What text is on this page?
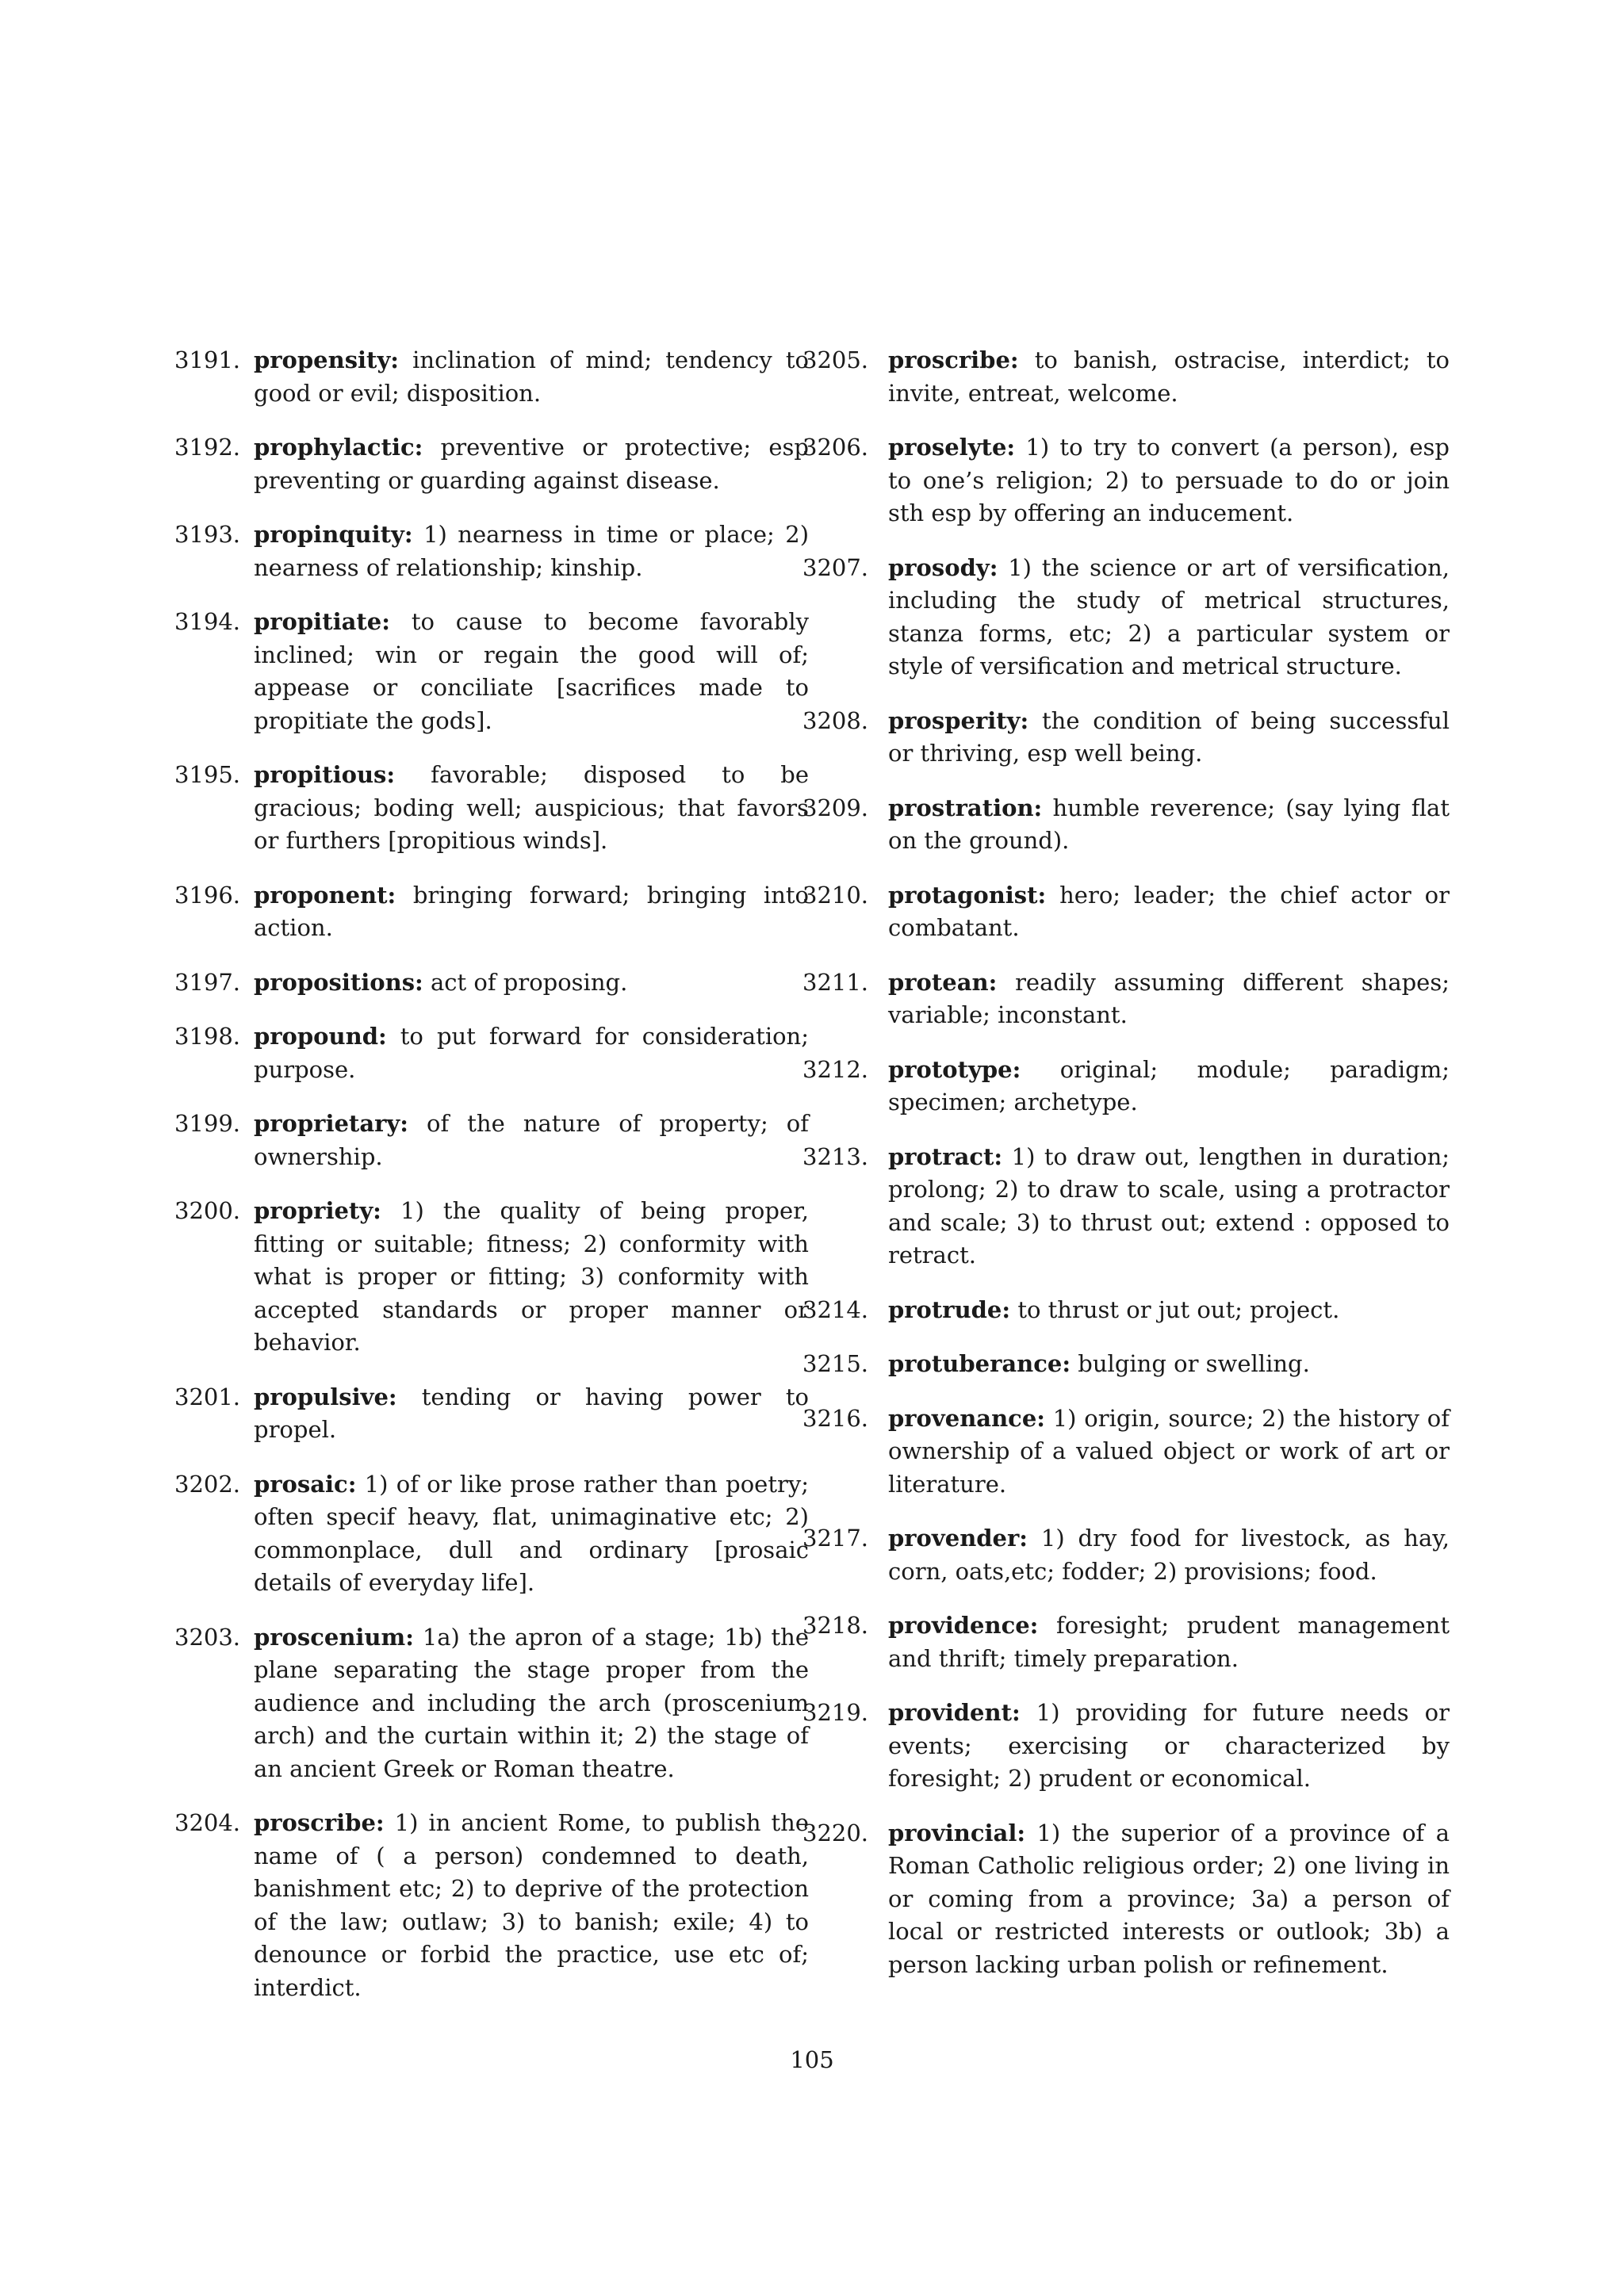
3191. propensity: inclination of mind; tendency to good or evil; disposition.
3192. prophylactic: preventive or protective; esp preventing or guarding against disease.
3193. propinquity: 1) nearness in time or place; 2) nearness of relationship; kinship.
3194. propitiate: to cause to become favorably inclined; win or regain the good will of; appease or conciliate [sacrifices made to propitiate the gods].
3195. propitious: favorable; disposed to be gracious; boding well; auspicious; that favors or furthers [propitious winds].
3196. proponent: bringing forward; bringing into action.
3197. propositions: act of proposing.
3198. propound: to put forward for consideration; purpose.
3199. proprietary: of the nature of property; of ownership.
3200. propriety: 1) the quality of being proper, fitting or suitable; fitness; 2) conformity with what is proper or fitting; 3) conformity with accepted standards or proper manner or behavior.
3201. propulsive: tending or having power to propel.
3202. prosaic: 1) of or like prose rather than poetry; often specif heavy, flat, unimaginative etc; 2) commonplace, dull and ordinary [prosaic details of everyday life].
3203. proscenium: 1a) the apron of a stage; 1b) the plane separating the stage proper from the audience and including the arch (proscenium arch) and the curtain within it; 2) the stage of an ancient Greek or Roman theatre.
3204. proscribe: 1) in ancient Rome, to publish the name of ( a person) condemned to death, banishment etc; 2) to deprive of the protection of the law; outlaw; 3) to banish; exile; 4) to denounce or forbid the practice, use etc of; interdict.
3205. proscribe: to banish, ostracise, interdict; to invite, entreat, welcome.
3206. proselyte: 1) to try to convert (a person), esp to one’s religion; 2) to persuade to do or join sth esp by offering an inducement.
3207. prosody: 1) the science or art of versification, including the study of metrical structures, stanza forms, etc; 2) a particular system or style of versification and metrical structure.
3208. prosperity: the condition of being successful or thriving, esp well being.
3209. prostration: humble reverence; (say lying flat on the ground).
3210. protagonist: hero; leader; the chief actor or combatant.
3211. protean: readily assuming different shapes; variable; inconstant.
3212. prototype: original; module; paradigm; specimen; archetype.
3213. protract: 1) to draw out, lengthen in duration; prolong; 2) to draw to scale, using a protractor and scale; 3) to thrust out; extend : opposed to retract.
3214. protrude: to thrust or jut out; project.
3215. protuberance: bulging or swelling.
3216. provenance: 1) origin, source; 2) the history of ownership of a valued object or work of art or literature.
3217. provender: 1) dry food for livestock, as hay, corn, oats,etc; fodder; 2) provisions; food.
3218. providence: foresight; prudent management and thrift; timely preparation.
3219. provident: 1) providing for future needs or events; exercising or characterized by foresight; 2) prudent or economical.
3220. provincial: 1) the superior of a province of a Roman Catholic religious order; 2) one living in or coming from a province; 3a) a person of local or restricted interests or outlook; 3b) a person lacking urban polish or refinement.
105
